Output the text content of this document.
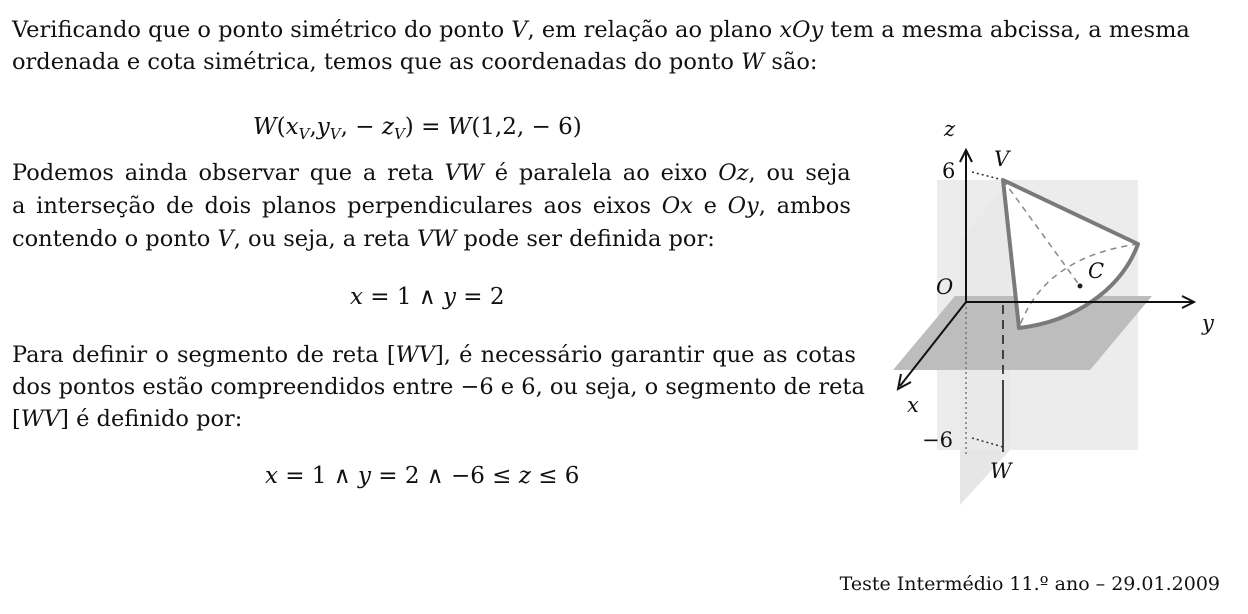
Verificando que o ponto simétrico do ponto V, em relação ao plano xOy tem a mesma abcissa, a mesma
ordenada e cota simétrica, temos que as coordenadas do ponto W são:
$W(x_V,y_V$, − $z_V) = W(1,2$, − 6)
Podemos ainda observar que a reta VW é paralela ao eixo Oz, ou seja
a interseção de dois planos perpendiculares aos eixos Ox e Oy, ambos
contendo o ponto V, ou seja, a reta VW pode ser definida por:
x = 1 ∧ y = 2
Para definir o segmento de reta [WV], é necessário garantir que as cotas
dos pontos estão compreendidos entre −6 e 6, ou seja, o segmento de reta
[WV] é definido por:
x = 1 ∧ y = 2 ∧ −6 ≤ z ≤ 6
z
6 V
O
C
y
x
−6
W
Teste Intermédio 11.º ano – 29.01.2009
